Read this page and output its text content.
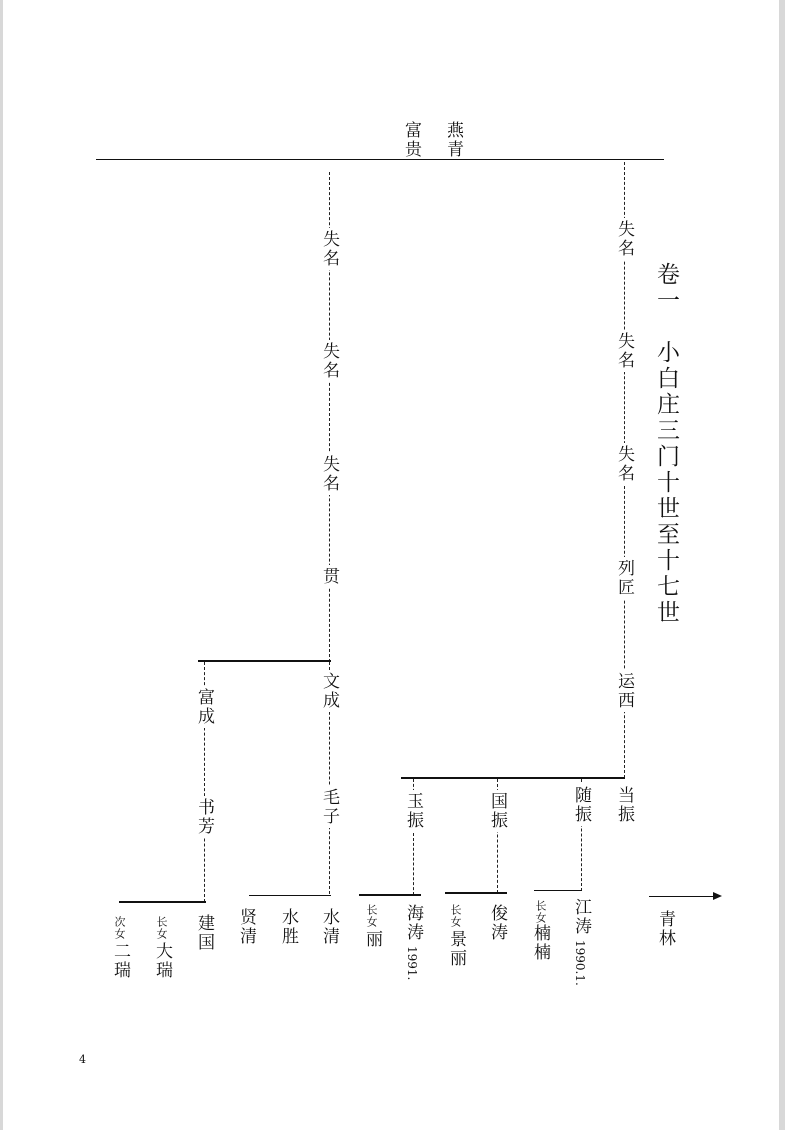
富
贵
燕
青
卷一
小白庄三门
十世至十七世
失名
失名
失名
贯
文成
毛子
富成
书芳
建国
长女
大瑞
次女
二瑞
水清
水胜
贤清
失名
失名
失名
列匠
运西
当振
随振
国振
玉振
江涛
1990.1.
长女
楠楠
俊涛
长女
景丽
海涛
1991.
长女
丽	青林
4
